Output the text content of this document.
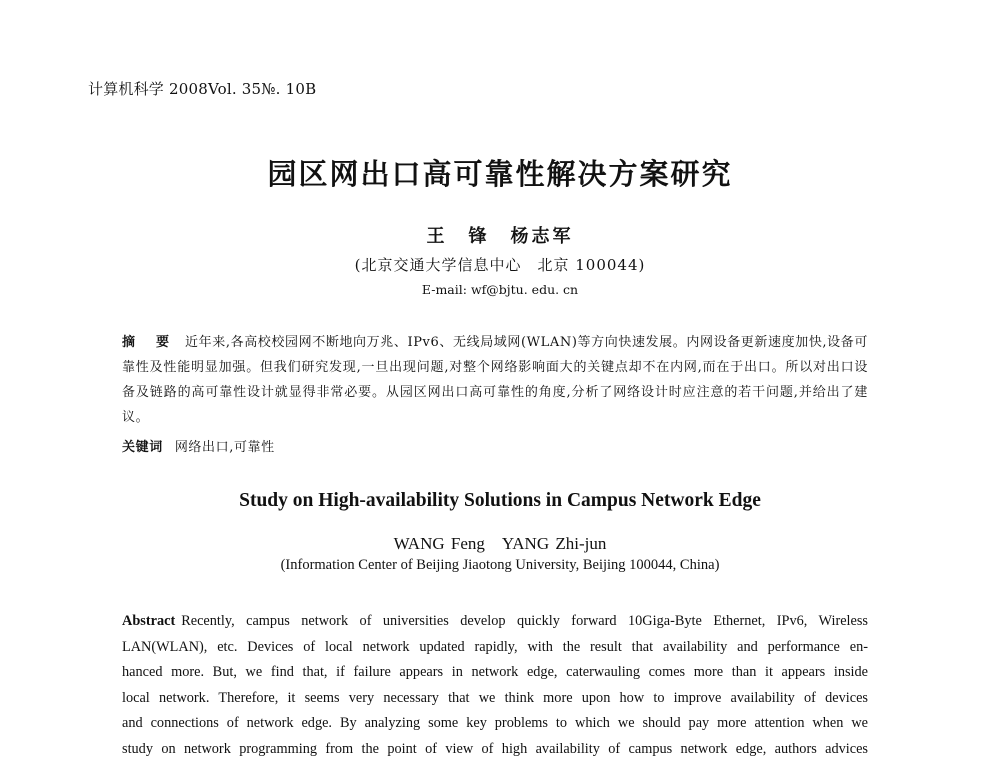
计算机科学 2008Vol. 35№. 10B
园区网出口高可靠性解决方案研究
王　锋　杨志军
(北京交通大学信息中心　北京 100044)
E-mail: wf@bjtu. edu. cn
摘　要 近年来,各高校校园网不断地向万兆、IPv6、无线局域网(WLAN)等方向快速发展。内网设备更新速度加快,设备可靠性及性能明显加强。但我们研究发现,一旦出现问题,对整个网络影响面大的关键点却不在内网,而在于出口。所以对出口设备及链路的高可靠性设计就显得非常必要。从园区网出口高可靠性的角度,分析了网络设计时应注意的若干问题,并给出了建议。
关键词 网络出口,可靠性
Study on High-availability Solutions in Campus Network Edge
WANG Feng　YANG Zhi-jun
(Information Center of Beijing Jiaotong University, Beijing 100044, China)
Abstract Recently, campus network of universities develop quickly forward 10Giga-Byte Ethernet, IPv6, Wireless
LAN(WLAN), etc. Devices of local network updated rapidly, with the result that availability and performance en-
hanced more. But, we find that, if failure appears in network edge, caterwauling comes more than it appears inside
local network. Therefore, it seems very necessary that we think more upon how to improve availability of devices
and connections of network edge. By analyzing some key problems to which we should pay more attention when we
study on network programming from the point of view of high availability of campus network edge, authors advices
